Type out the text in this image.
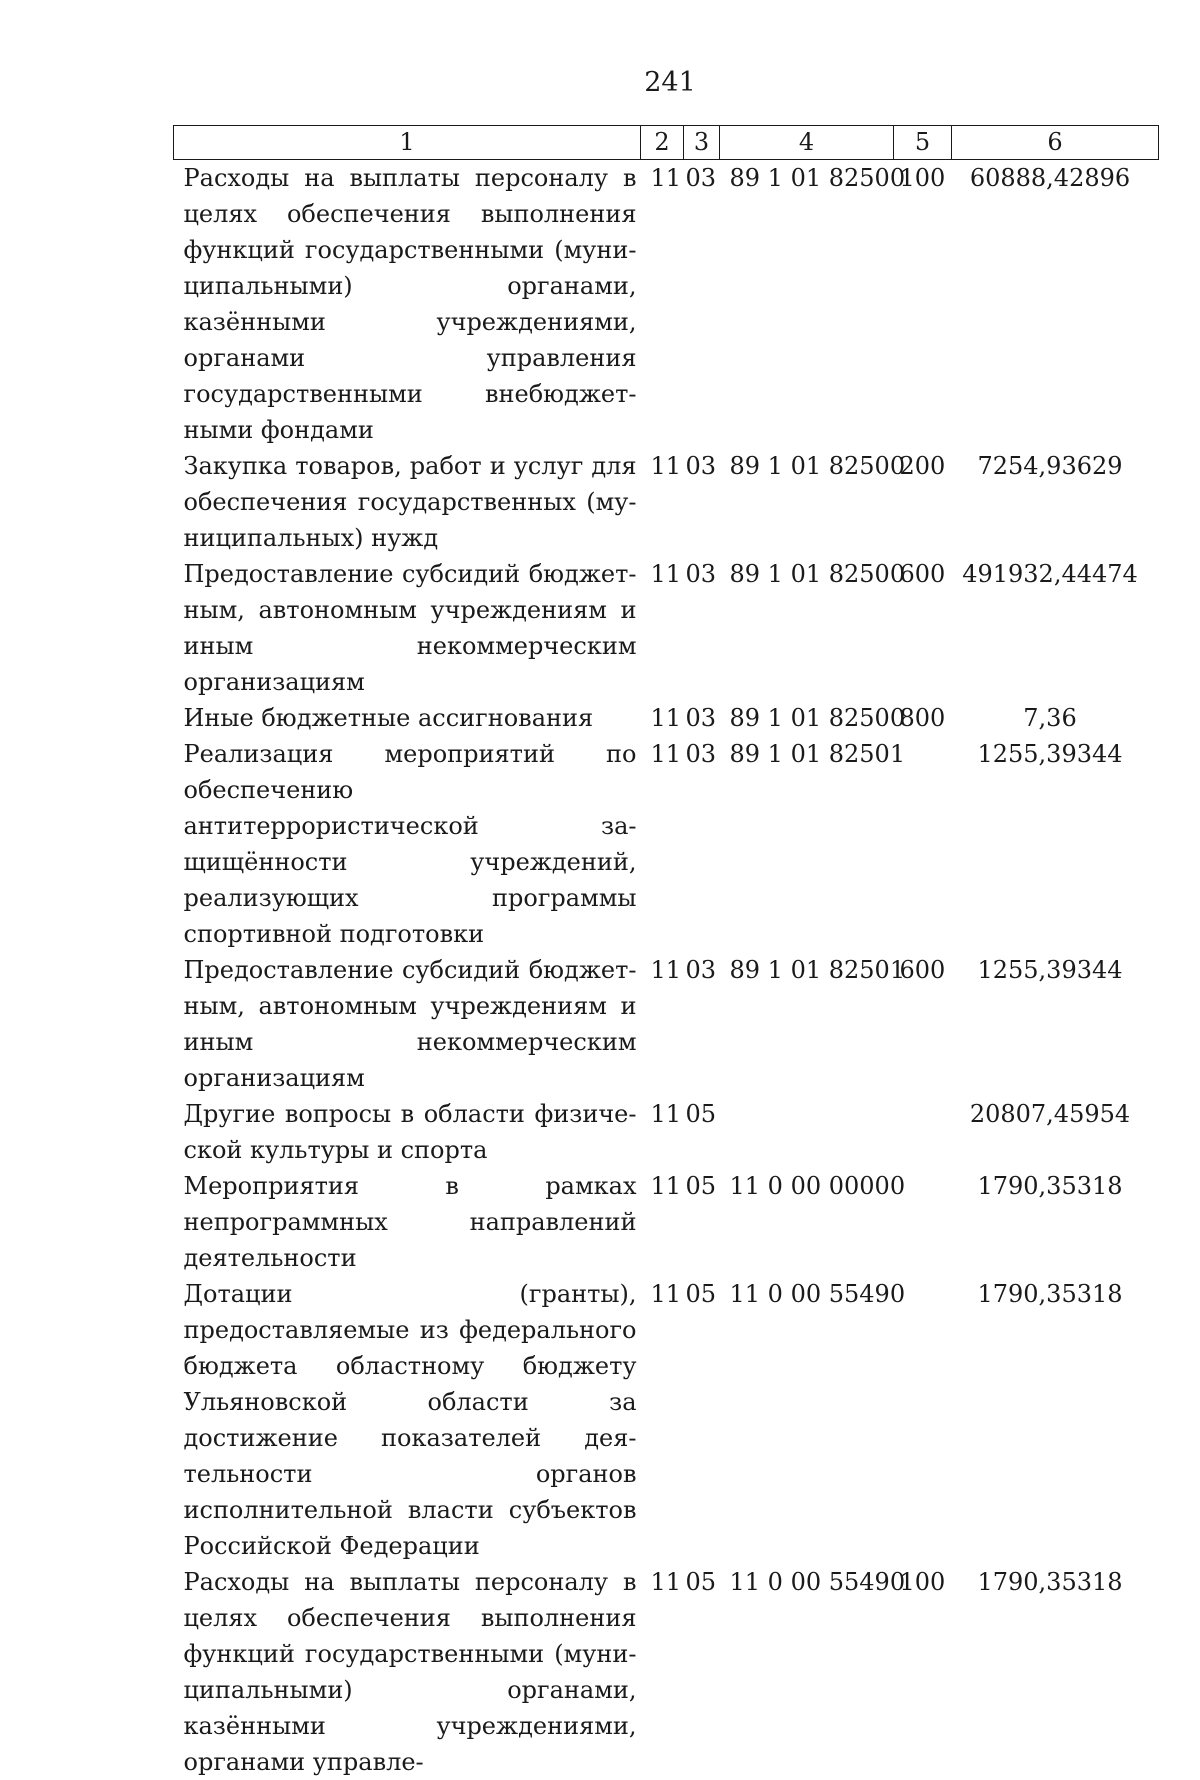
241
1	2	3	4	5	6
Расходы на выплаты персоналу в целях обеспечения выполнения функций государственными (муниципальными) органами, казёнными учреждениями, органами управления государственными внебюджетными фондами	11	03	89 1 01 82500	100	60888,42896
Закупка товаров, работ и услуг для обеспечения государственных (муниципальных) нужд	11	03	89 1 01 82500	200	7254,93629
Предоставление субсидий бюджетным, автономным учреждениям и иным некоммерческим организациям	11	03	89 1 01 82500	600	491932,44474
Иные бюджетные ассигнования	11	03	89 1 01 82500	800	7,36
Реализация мероприятий по обеспечению антитеррористической защищённости учреждений, реализующих программы спортивной подготовки	11	03	89 1 01 82501		1255,39344
Предоставление субсидий бюджетным, автономным учреждениям и иным некоммерческим организациям	11	03	89 1 01 82501	600	1255,39344
Другие вопросы в области физической культуры и спорта	11	05			20807,45954
Мероприятия в рамках непрограммных направлений деятельности	11	05	11 0 00 00000		1790,35318
Дотации (гранты), предоставляемые из федерального бюджета областному бюджету Ульяновской области за достижение показателей деятельности органов исполнительной власти субъектов Российской Федерации	11	05	11 0 00 55490		1790,35318
Расходы на выплаты персоналу в целях обеспечения выполнения функций государственными (муниципальными) органами, казёнными учреждениями, органами управле-	11	05	11 0 00 55490	100	1790,35318
